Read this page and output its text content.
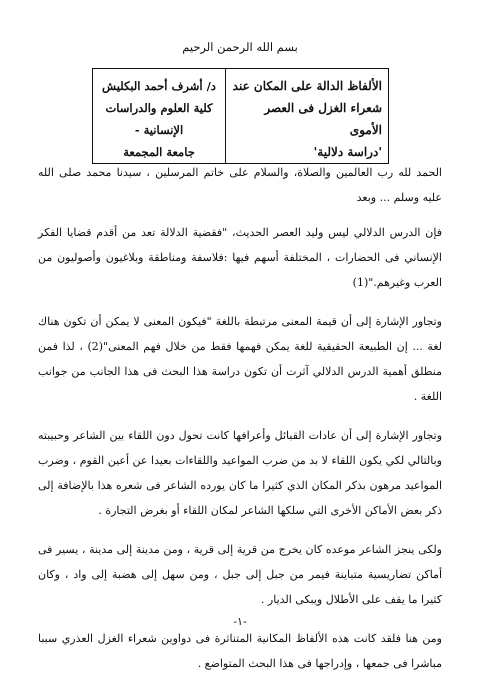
بسم الله الرحمن الرحيم
الألفاظ الدالة على المكان عند
شعراء الغزل فى العصر الأموى
'دراسة دلالية'

د/ أشرف أحمد البكليش
كلية العلوم والدراسات الإنسانية -
جامعة المجمعة

الحمد لله رب العالمين والصلاة، والسلام على خاتم المرسلين ، سيدنا محمد صلى الله عليه وسلم ... وبعد

فإن الدرس الدلالي ليس وليد العصر الحديث، "فقضية الدلالة تعد من أقدم قضايا الفكر الإنساني فى الحضارات ، المختلفة أسهم فيها :فلاسفة ومناطقة وبلاغيون وأصوليون من العرب وغيرهم."(1)

وتجاور الإشارة إلى أن قيمة المعنى مرتبطة باللغة "فيكون المعنى لا يمكن أن تكون هناك لغة ... إن الطبيعة الحقيقية للغة يمكن فهمها فقط من خلال فهم المعنى"(2) ، لذا فمن منطلق أهمية الدرس الدلالي آثرت أن تكون دراسة هذا البحث فى هذا الجانب من جوانب اللغة .

وتجاور الإشارة إلى أن عادات القبائل وأعرافها كانت تحول دون اللقاء بين الشاعر وحبيبته وبالتالي لكي يكون اللقاء لا بد من ضرب المواعيد واللقاءات بعيدا عن أعين القوم ، وضرب المواعيد مرهون بذكر المكان الذي كثيرا ما كان يورده الشاعر فى شعره هذا بالإضافة إلى ذكر بعض الأماكن الأخرى التي سلكها الشاعر لمكان اللقاء أو بغرض التجارة .

ولكى ينجز الشاعر موعده كان يخرج من قرية إلى قرية ، ومن مدينة إلى مدينة ، يسير فى أماكن تضاريسية متباينة فيمر من جبل إلى جبل ، ومن سهل إلى هضبة إلى واد ، وكان كثيرا ما يقف على الأطلال ويبكى الديار .

ومن هنا فلقد كانت هذه الألفاظ المكانية المتناثرة فى دواوين شعراء الغزل العذري سببا مباشرا فى جمعها ، وإدراجها فى هذا البحث المتواضع .

-١-
